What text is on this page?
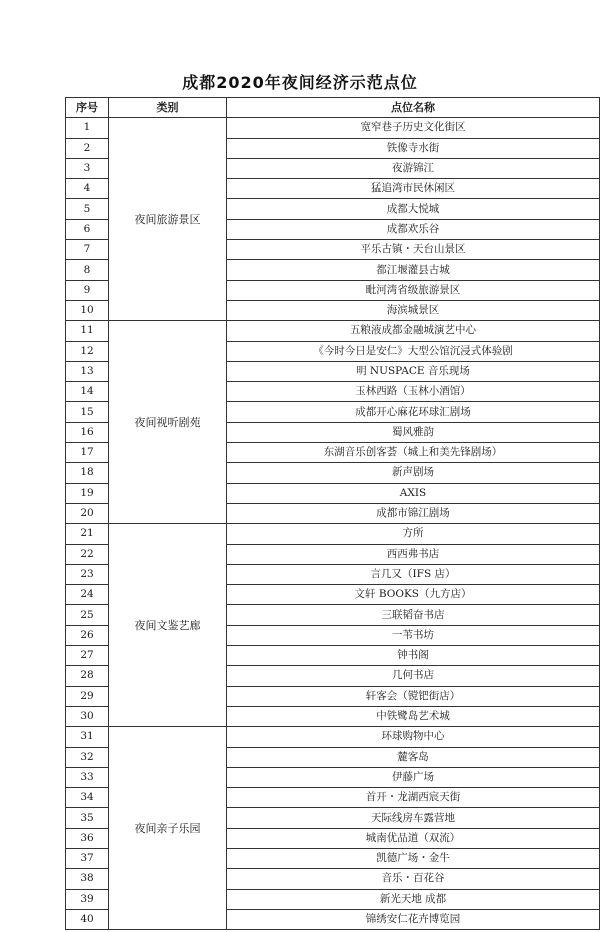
成都2020年夜间经济示范点位
序号	类别	点位名称
1	夜间旅游景区	宽窄巷子历史文化街区
2		铁像寺水街
3		夜游锦江
4		猛追湾市民休闲区
5		成都大悦城
6		成都欢乐谷
7		平乐古镇・天台山景区
8		都江堰灌县古城
9		毗河湾省级旅游景区
10		海滨城景区
11	夜间视听剧苑	五粮液成都金融城演艺中心
12		《今时今日是安仁》大型公馆沉浸式体验剧
13		明 NUSPACE 音乐现场
14		玉林西路（玉林小酒馆）
15		成都开心麻花环球汇剧场
16		蜀风雅韵
17		东湖音乐创客荟（城上和美先锋剧场）
18		新声剧场
19		AXIS
20		成都市锦江剧场
21	夜间文鉴艺廊	方所
22		西西弗书店
23		言几又（IFS 店）
24		文轩 BOOKS（九方店）
25		三联韬奋书店
26		一苇书坊
27		钟书阁
28		几何书店
29		轩客会（镋钯街店）
30		中铁鹭岛艺术城
31	夜间亲子乐园	环球购物中心
32		麓客岛
33		伊藤广场
34		首开・龙湖西宸天街
35		天际线房车露营地
36		城南优品道（双流）
37		凯德广场・金牛
38		音乐・百花谷
39		新光天地 成都
40		锦绣安仁花卉博览园
